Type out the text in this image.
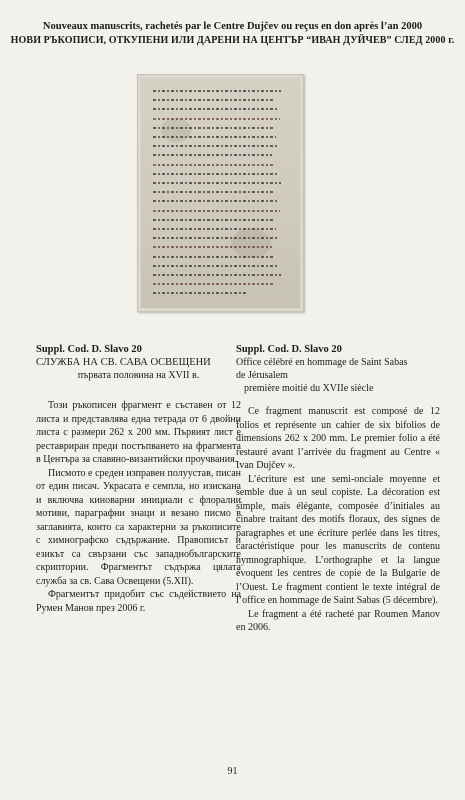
Nouveaux manuscrits, rachetés par le Centre Dujčev ou reçus en don après l’an 2000
НОВИ РЪКОПИСИ, ОТКУПЕНИ ИЛИ ДАРЕНИ НА ЦЕНТЪР “ИВАН ДУЙЧЕВ” СЛЕД 2000 г.
Suppl. Cod. D. Slavo 20
СЛУЖБА НА СВ. САВА ОСВЕЩЕНИ
първата половина на XVII в.

Този ръкописен фрагмент е съставен от 12 листа и представлява една тетрада от 6 двойни листа с размери 262 х 200 мм. Първият лист е реставриран преди постъпването на фрагмента в Центъра за славяно-византийски проучвания.

Писмото е средeн изправен полуустав, писан от един писач. Украсата е семпла, но изискана и включва киноварни инициали с флорални мотиви, параграфни знаци и везано писмо в заглавията, които са характерни за ръкописите с химнографско съдържание. Правописът и езикът са свързани със западнобългарските скриптории. Фрагментът съдържа цялата служба за св. Сава Освещени (5.XII).

Фрагментът придобит със съдействието на Румен Манов през 2006 г.

Suppl. Cod. D. Slavo 20
Office célébré en hommage de Saint Sabas
de Jérusalem
première moitié du XVIIe siècle

Ce fragment manuscrit est composé de 12 folios et représente un cahier de six bifolios de dimensions 262 x 200 mm. Le premier folio a été restauré avant l’arrivée du fragment au Centre « Ivan Dujčev ».

L’écriture est une semi-onciale moyenne et semble due à un seul copiste. La décoration est simple, mais élégante, composée d’initiales au cinabre traitant des motifs floraux, des signes de paragraphes et une écriture perlée dans les titres, caractéristique pour les manuscrits de contenu hymnographique. L’orthographe et la langue évoquent les centres de copie de la Bulgarie de l’Ouest. Le fragment contient le texte intégral de l’office en hommage de Saint Sabas (5 décembre).

Le fragment a été racheté par Roumen Manov en 2006.

91
